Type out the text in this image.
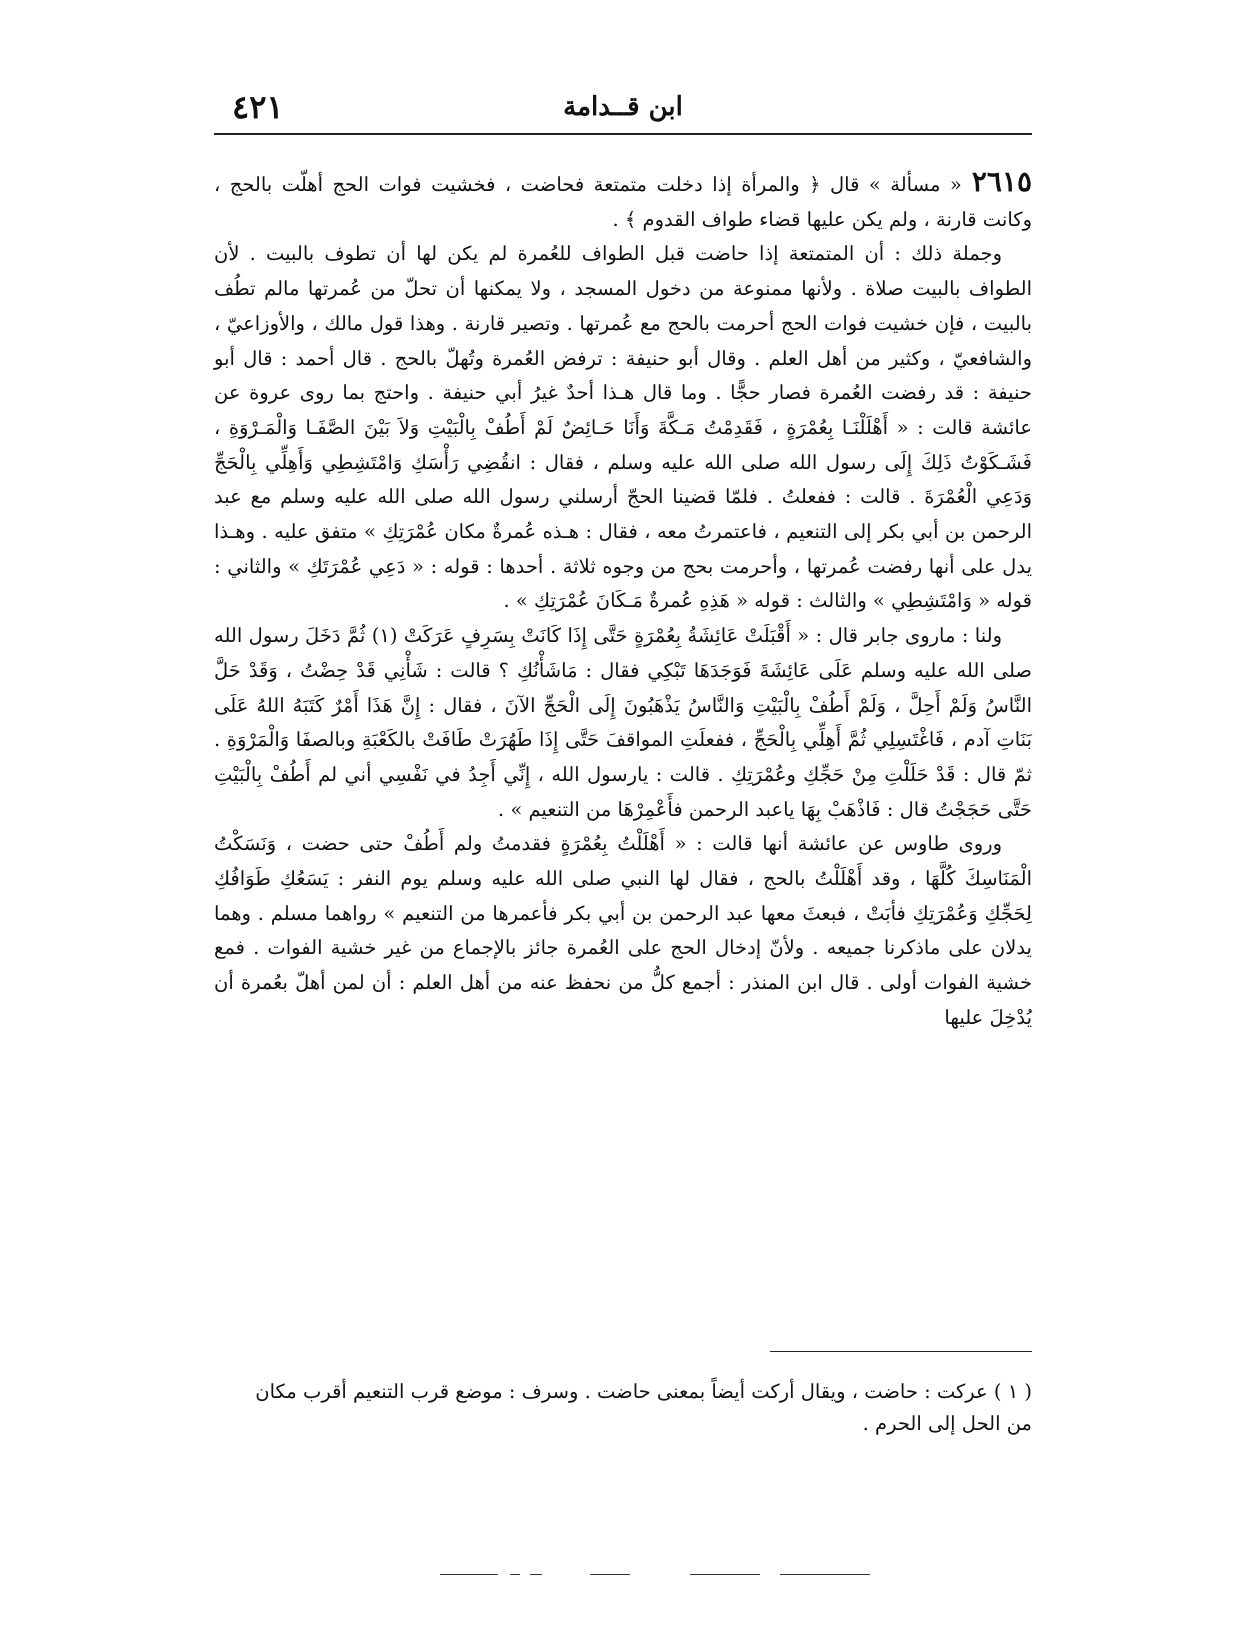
ابن قــدامة
٤٢١

٢٦١٥« مسألة » قال ﴿ والمرأة إذا دخلت متمتعة فحاضت ، فخشيت فوات الحج أهلّت بالحج ، وكانت قارنة ، ولم يكن عليها قضاء طواف القدوم ﴾ .

وجملة ذلك : أن المتمتعة إذا حاضت قبل الطواف للعُمرة لم يكن لها أن تطوف بالبيت . لأن الطواف بالبيت صلاة . ولأنها ممنوعة من دخول المسجد ، ولا يمكنها أن تحلّ من عُمرتها مالم تطُف بالبيت ، فإن خشيت فوات الحج أحرمت بالحج مع عُمرتها . وتصير قارنة . وهذا قول مالك ، والأوزاعيّ ، والشافعيّ ، وكثير من أهل العلم . وقال أبو حنيفة : ترفض العُمرة وتُهلّ بالحج . قال أحمد : قال أبو حنيفة : قد رفضت العُمرة فصار حجًّا . وما قال هـذا أحدٌ غيرُ أبي حنيفة . واحتج بما روى عروة عن عائشة قالت : « أَهْلَلْنَـا بِعُمْرَةٍ ، فَقَدِمْتُ مَـكَّةَ وَأَنَا حَـائِضٌ لَمْ أَطُفْ بِالْبَيْتِ وَلاَ بَيْنَ الصَّفَـا وَالْمَـرْوَةِ ، فَشَـكَوْتُ ذَلِكَ إِلَى رسول الله صلى الله عليه وسلم ، فقال : انقُضِي رَأْسَكِ وَامْتَشِطِي وَأَهِلِّي بِالْحَجِّ وَدَعِي الْعُمْرَةَ . قالت : ففعلتُ . فلمّا قضينا الحجّ أرسلني رسول الله صلى الله عليه وسلم مع عبد الرحمن بن أبي بكر إلى التنعيم ، فاعتمرتُ معه ، فقال : هـذه عُمرةٌ مكان عُمْرَتِكِ » متفق عليه . وهـذا يدل على أنها رفضت عُمرتها ، وأحرمت بحج من وجوه ثلاثة . أحدها : قوله : « دَعِي عُمْرَتَكِ » والثاني : قوله « وَامْتَشِطِي » والثالث : قوله « هَذِهِ عُمرةٌ مَـكَانَ عُمْرَتِكِ » .

ولنا : ماروى جابر قال : « أَقْبَلَتْ عَائِشَةُ بِعُمْرَةٍ حَتَّى إِذَا كَانَتْ بِسَرِفٍ عَرَكَتْ (١) ثُمَّ دَخَلَ رسول الله صلى الله عليه وسلم عَلَى عَائِشَةَ فَوَجَدَهَا تَبْكِي فقال : مَاشَأْنُكِ ؟ قالت : شَأْنِي قَدْ حِضْتُ ، وَقَدْ حَلَّ النَّاسُ وَلَمْ أَحِلَّ ، وَلَمْ أَطُفْ بِالْبَيْتِ وَالنَّاسُ يَذْهَبُونَ إِلَى الْحَجِّ الآنَ ، فقال : إِنَّ هَذَا أَمْرٌ كَتَبَهُ اللهُ عَلَى بَنَاتِ آدم ، فَاغْتَسِلِي ثُمَّ أَهِلِّي بِالْحَجِّ ، ففعلَتِ المواقفَ حَتَّى إِذَا طَهُرَتْ طَافَتْ بالكَعْبَةِ وبالصفَا وَالْمَرْوَةِ . ثمّ قال : قَدْ حَلَلْتِ مِنْ حَجِّكِ وعُمْرَتِكِ . قالت : يارسول الله ، إِنِّي أَجِدُ في نَفْسِي أني لم أَطُفْ بِالْبَيْتِ حَتَّى حَجَجْتُ قال : فَاذْهَبْ بِهَا ياعبد الرحمن فأَعْمِرْهَا من التنعيم » .

وروى طاوس عن عائشة أنها قالت : « أَهْلَلْتُ بِعُمْرَةٍ فقدمتُ ولم أَطُفْ حتى حضت ، وَنَسَكْتُ الْمَنَاسِكَ كُلَّهَا ، وقد أَهْلَلْتُ بالحج ، فقال لها النبي صلى الله عليه وسلم يوم النفر : يَسَعُكِ طَوَافُكِ لِحَجِّكِ وَعُمْرَتِكِ فأبَتْ ، فبعثَ معها عبد الرحمن بن أبي بكر فأعمرها من التنعيم » رواهما مسلم . وهما يدلان على ماذكرنا جميعه . ولأنّ إدخال الحج على العُمرة جائز بالإجماع من غير خشية الفوات . فمع خشية الفوات أولى . قال ابن المنذر : أجمع كلُّ من نحفظ عنه من أهل العلم : أن لمن أهلّ بعُمرة أن يُدْخِلَ عليها

( ١ ) عركت : حاضت ، ويقال أركت أيضاً بمعنى حاضت . وسرف : موضع قرب التنعيم أقرب مكان

من الحل إلى الحرم .
